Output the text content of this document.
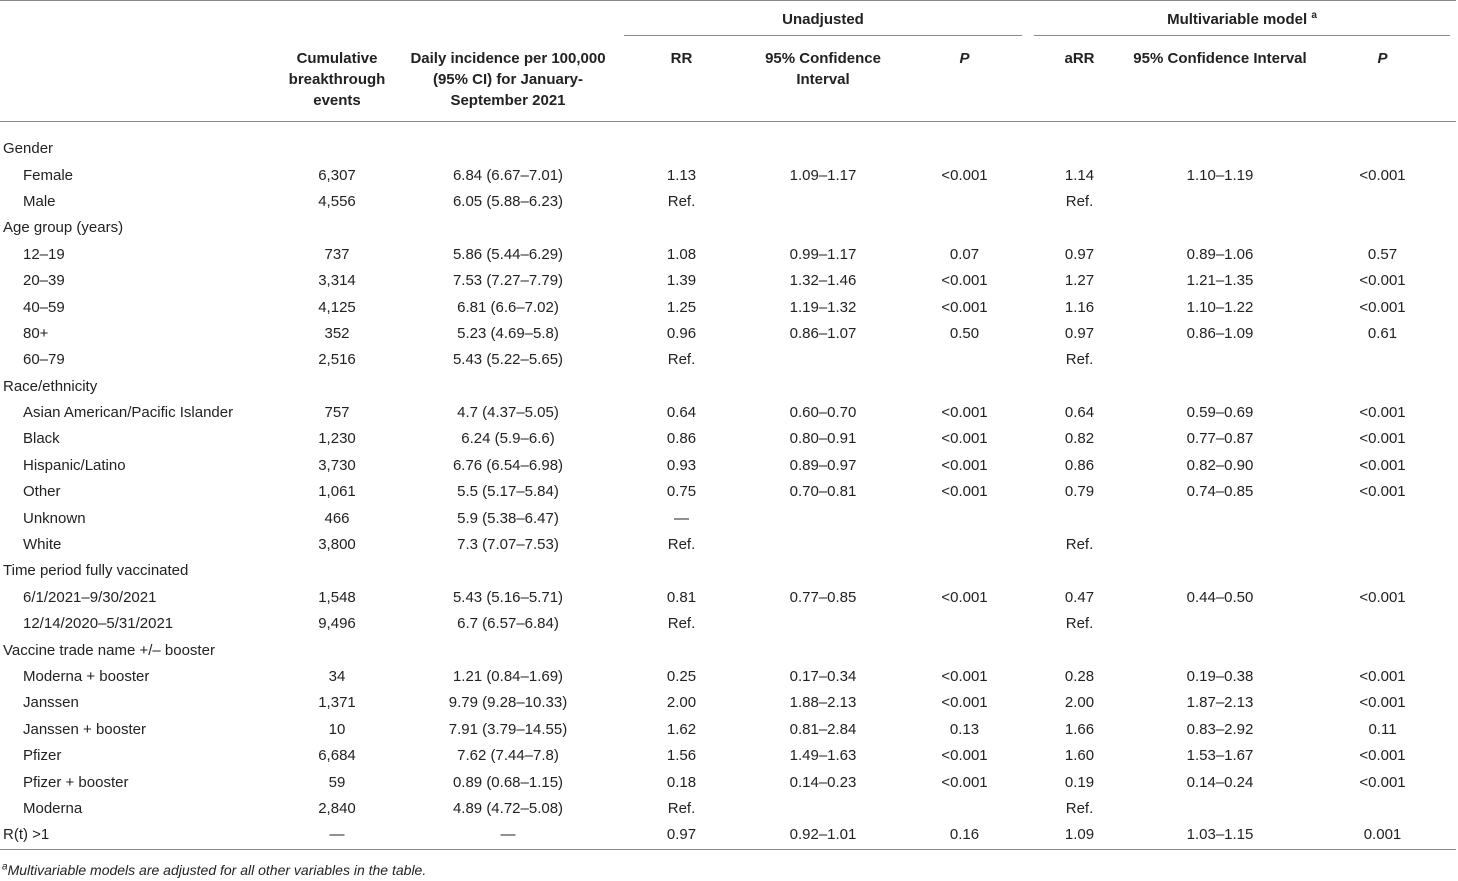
			Unadjusted			Multivariable model $^a$

	Cumulative breakthrough events	Daily incidence per 100,000 (95% CI) for January-September 2021	RR	95% Confidence Interval	P	aRR	95% Confidence Interval	P
Gender								
Female	6,307	6.84 (6.67–7.01)	1.13	1.09–1.17	<0.001	1.14	1.10–1.19	<0.001
Male	4,556	6.05 (5.88–6.23)	Ref.			Ref.		
Age group (years)								
12–19	737	5.86 (5.44–6.29)	1.08	0.99–1.17	0.07	0.97	0.89–1.06	0.57
20–39	3,314	7.53 (7.27–7.79)	1.39	1.32–1.46	<0.001	1.27	1.21–1.35	<0.001
40–59	4,125	6.81 (6.6–7.02)	1.25	1.19–1.32	<0.001	1.16	1.10–1.22	<0.001
80+	352	5.23 (4.69–5.8)	0.96	0.86–1.07	0.50	0.97	0.86–1.09	0.61
60–79	2,516	5.43 (5.22–5.65)	Ref.			Ref.		
Race/ethnicity								
Asian American/Pacific Islander	757	4.7 (4.37–5.05)	0.64	0.60–0.70	<0.001	0.64	0.59–0.69	<0.001
Black	1,230	6.24 (5.9–6.6)	0.86	0.80–0.91	<0.001	0.82	0.77–0.87	<0.001
Hispanic/Latino	3,730	6.76 (6.54–6.98)	0.93	0.89–0.97	<0.001	0.86	0.82–0.90	<0.001
Other	1,061	5.5 (5.17–5.84)	0.75	0.70–0.81	<0.001	0.79	0.74–0.85	<0.001
Unknown	466	5.9 (5.38–6.47)	—					
White	3,800	7.3 (7.07–7.53)	Ref.			Ref.		
Time period fully vaccinated								
6/1/2021–9/30/2021	1,548	5.43 (5.16–5.71)	0.81	0.77–0.85	<0.001	0.47	0.44–0.50	<0.001
12/14/2020–5/31/2021	9,496	6.7 (6.57–6.84)	Ref.			Ref.		
Vaccine trade name +/– booster								
Moderna + booster	34	1.21 (0.84–1.69)	0.25	0.17–0.34	<0.001	0.28	0.19–0.38	<0.001
Janssen	1,371	9.79 (9.28–10.33)	2.00	1.88–2.13	<0.001	2.00	1.87–2.13	<0.001
Janssen + booster	10	7.91 (3.79–14.55)	1.62	0.81–2.84	0.13	1.66	0.83–2.92	0.11
Pfizer	6,684	7.62 (7.44–7.8)	1.56	1.49–1.63	<0.001	1.60	1.53–1.67	<0.001
Pfizer + booster	59	0.89 (0.68–1.15)	0.18	0.14–0.23	<0.001	0.19	0.14–0.24	<0.001
Moderna	2,840	4.89 (4.72–5.08)	Ref.			Ref.		
R(t) >1	—	—	0.97	0.92–1.01	0.16	1.09	1.03–1.15	0.001

$^a$Multivariable models are adjusted for all other variables in the table.
